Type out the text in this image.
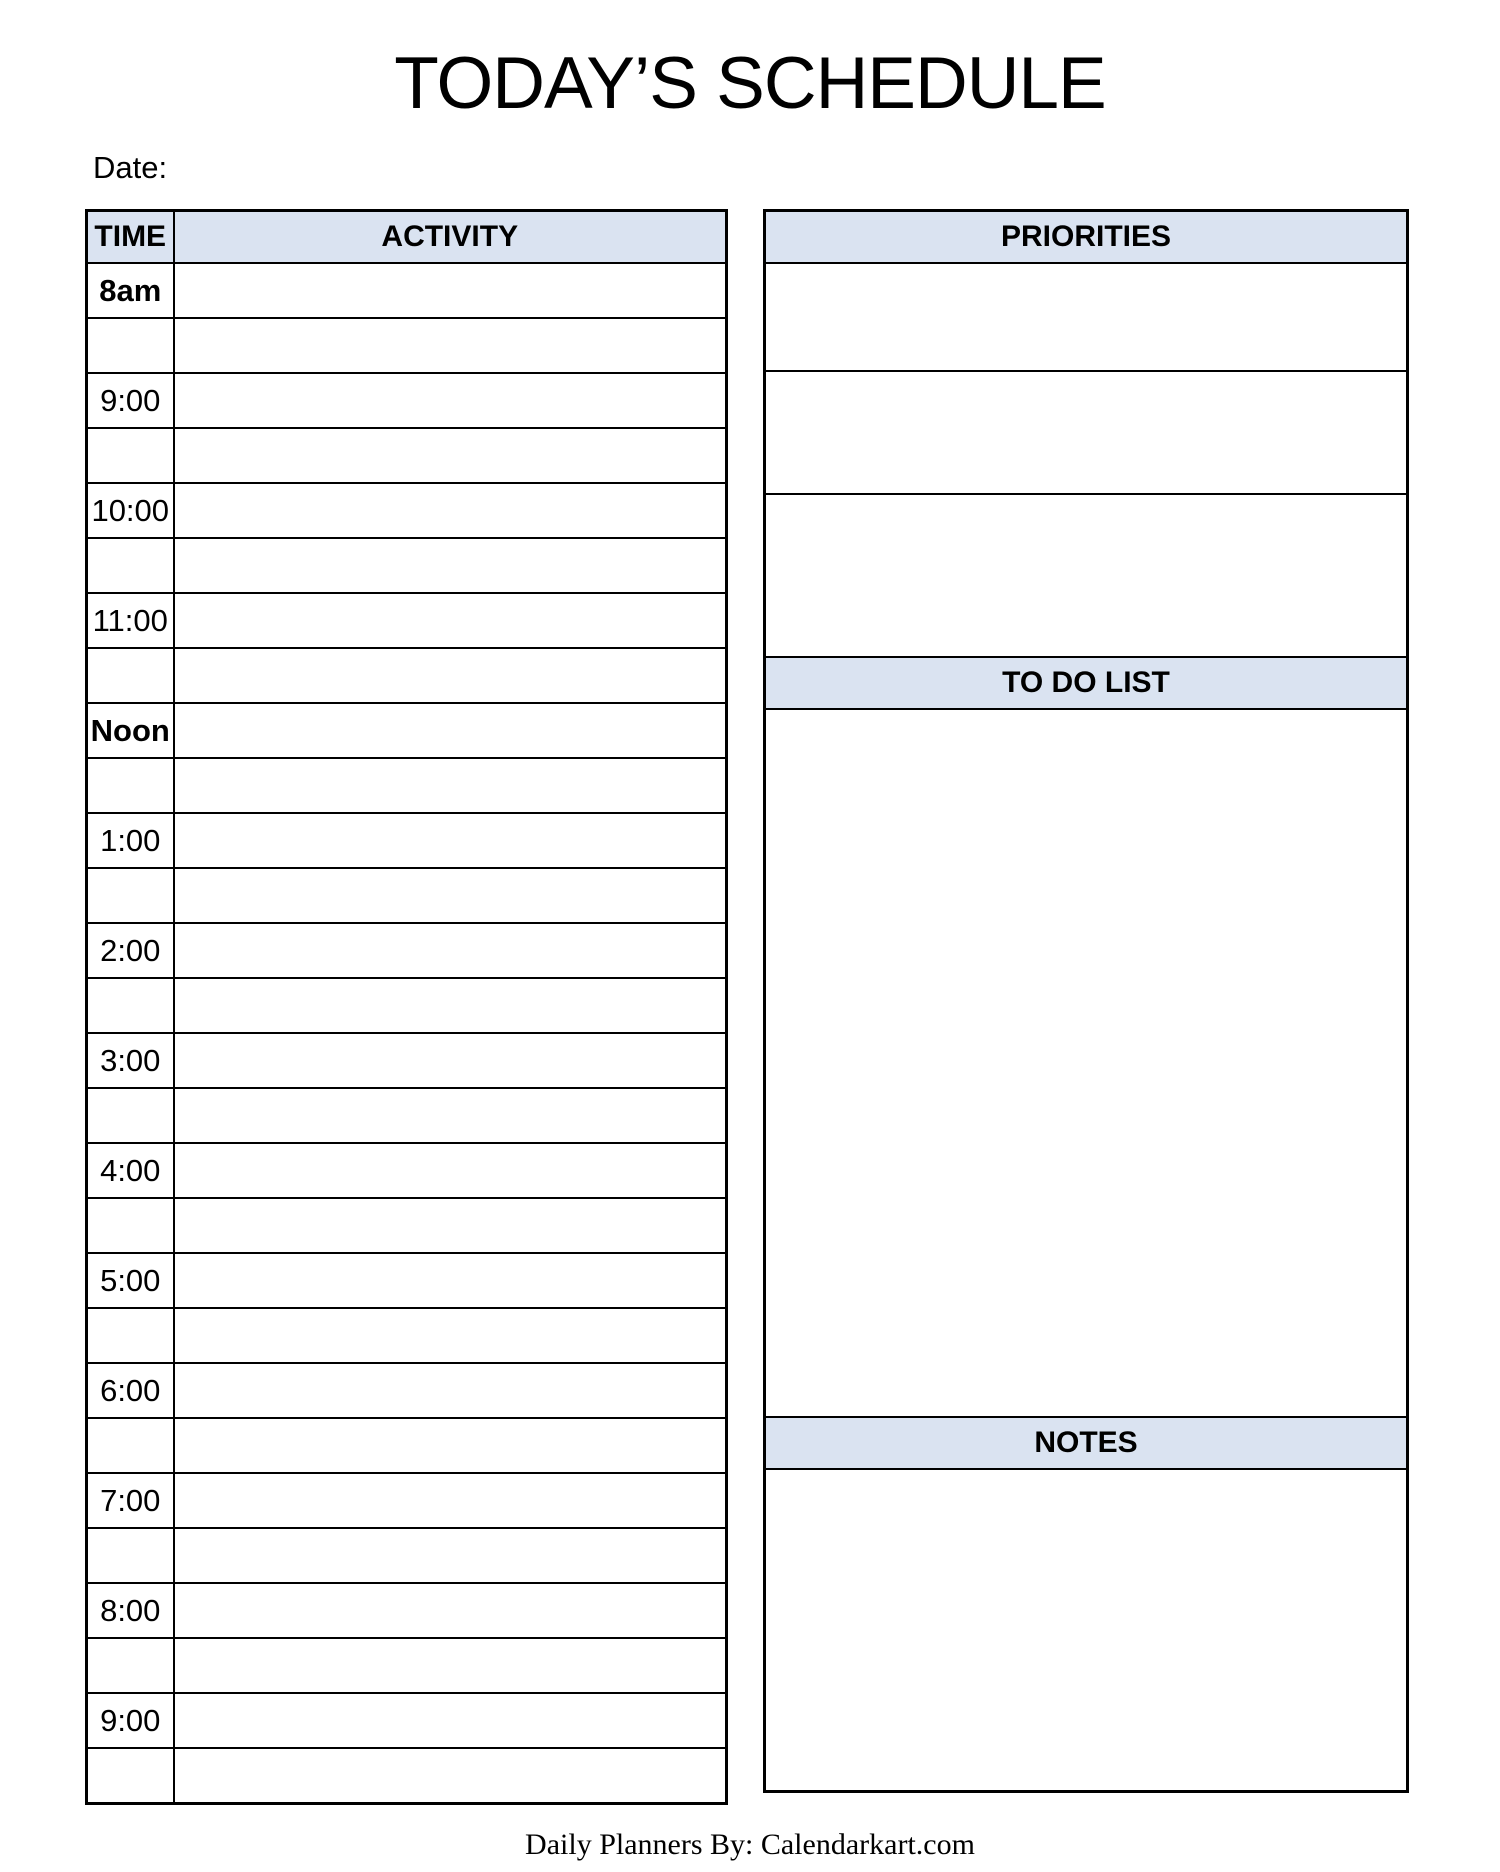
TODAY’S SCHEDULE
Date:
TIME	ACTIVITY
8am	

9:00	

10:00	

11:00	

Noon	

1:00	

2:00	

3:00	

4:00	

5:00	

6:00	

7:00	

8:00	

9:00	

PRIORITIES

TO DO LIST

NOTES

Daily Planners By: Calendarkart.com
